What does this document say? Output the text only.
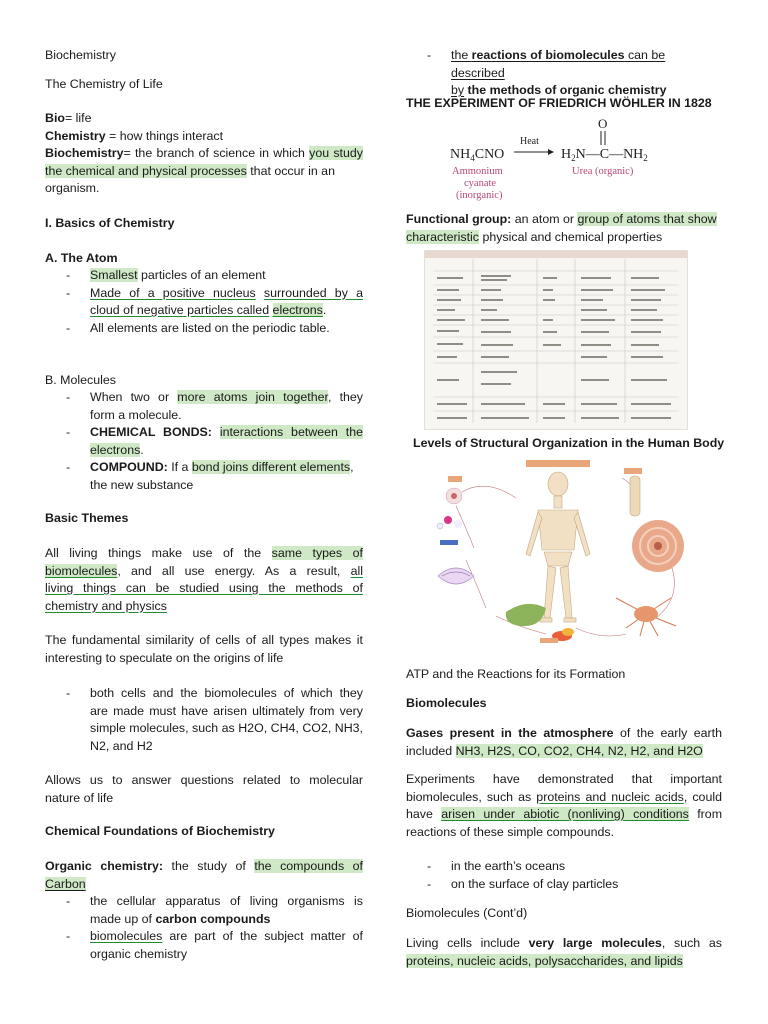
Biochemistry
The Chemistry of Life
Bio= life
Chemistry = how things interact
Biochemistry= the branch of science in which you study
the chemical and physical processes that occur in an
organism.
I. Basics of Chemistry
A. The Atom
- Smallest particles of an element
- Made of a positive nucleus surrounded by a
cloud of negative particles called electrons.
- All elements are listed on the periodic table.
B. Molecules
- When two or more atoms join together, they
form a molecule.
- CHEMICAL BONDS: interactions between the
electrons.
- COMPOUND: If a bond joins different elements,
the new substance
Basic Themes
All living things make use of the same types of
biomolecules, and all use energy. As a result, all
living things can be studied using the methods of
chemistry and physics
The fundamental similarity of cells of all types makes it
interesting to speculate on the origins of life
- both cells and the biomolecules of which they
are made must have arisen ultimately from very
simple molecules, such as H2O, CH4, CO2, NH3,
N2, and H2
Allows us to answer questions related to molecular
nature of life
Chemical Foundations of Biochemistry
Organic chemistry: the study of the compounds of
Carbon
- the cellular apparatus of living organisms is
made up of carbon compounds
- biomolecules are part of the subject matter of
organic chemistry
- the reactions of biomolecules can be described
by the methods of organic chemistry
THE EXPERIMENT OF FRIEDRICH WÖHLER IN 1828
$NH_4CNO$
Heat
$H_2N—C—NH_2$
O
Ammonium
cyanate
(inorganic)
Urea (organic)
Functional group: an atom or group of atoms that show
characteristic physical and chemical properties
Levels of Structural Organization in the Human Body
ATP and the Reactions for its Formation
Biomolecules
Gases present in the atmosphere of the early earth
included NH3, H2S, CO, CO2, CH4, N2, H2, and H2O
Experiments have demonstrated that important
biomolecules, such as proteins and nucleic acids, could
have arisen under abiotic (nonliving) conditions from
reactions of these simple compounds.
- in the earth’s oceans
- on the surface of clay particles
Biomolecules (Cont’d)
Living cells include very large molecules, such as
proteins, nucleic acids, polysaccharides, and lipids
